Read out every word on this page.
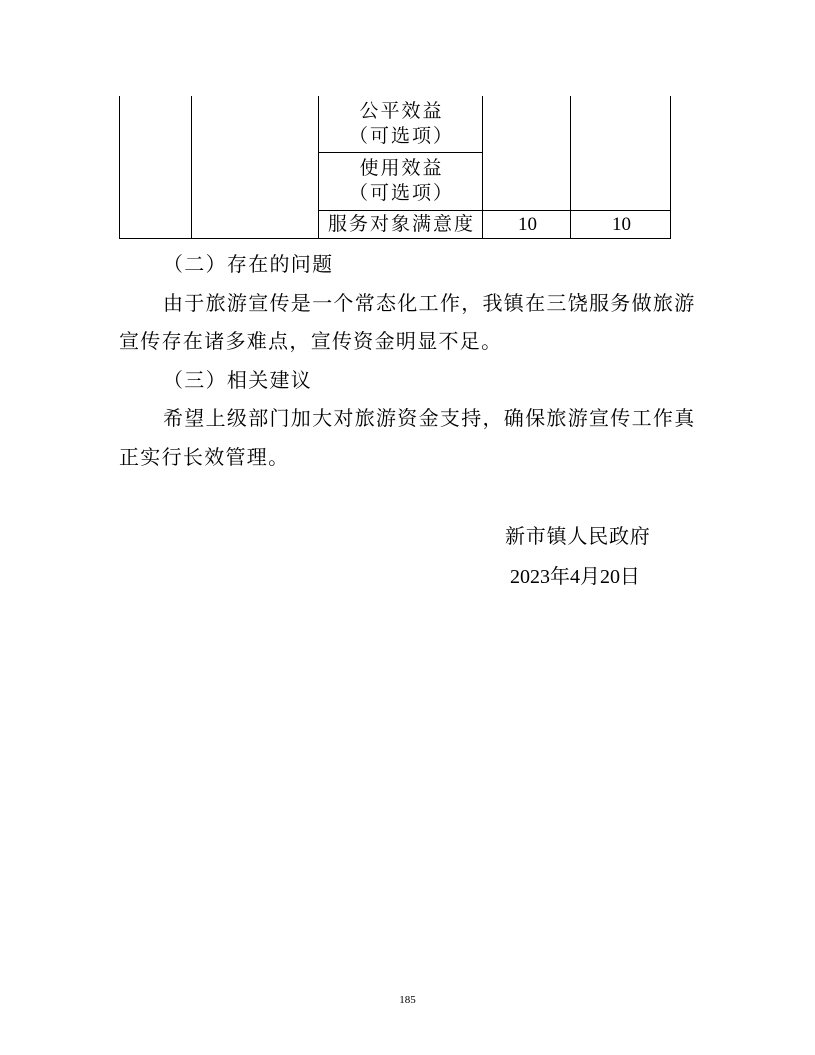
		公平效益
（可选项）		

		使用效益
（可选项）		

		服务对象满意度	10	10

（二）存在的问题

由于旅游宣传是一个常态化工作，我镇在三饶服务做旅游宣传存在诸多难点，宣传资金明显不足。

（三）相关建议

希望上级部门加大对旅游资金支持，确保旅游宣传工作真正实行长效管理。

新市镇人民政府
2023年4月20日
185
